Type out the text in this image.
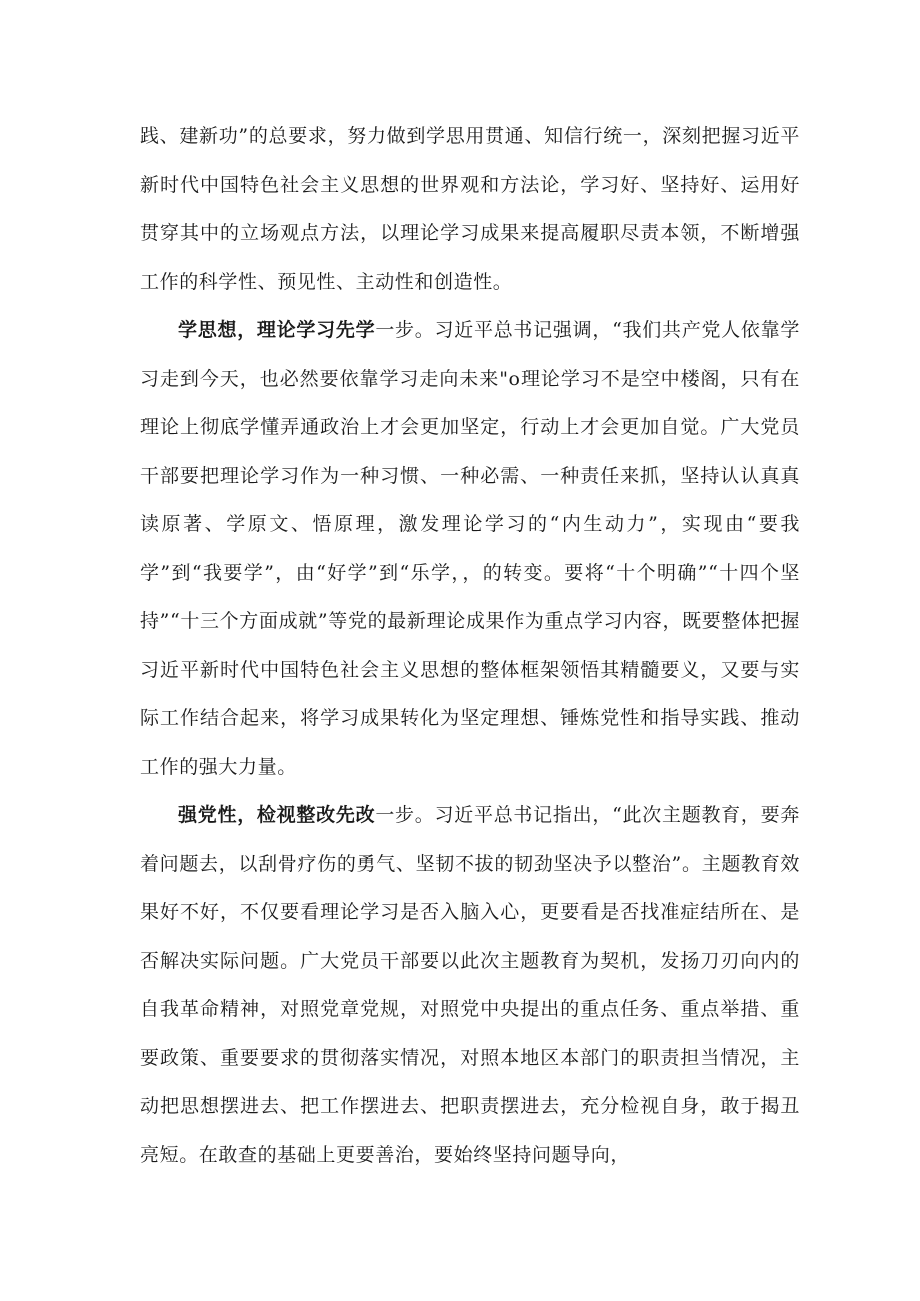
践、建新功”的总要求，努力做到学思用贯通、知信行统一，深刻把握习近平新时代中国特色社会主义思想的世界观和方法论，学习好、坚持好、运用好贯穿其中的立场观点方法，以理论学习成果来提高履职尽责本领，不断增强工作的科学性、预见性、主动性和创造性。

学思想，理论学习先学一步。习近平总书记强调，“我们共产党人依靠学习走到今天，也必然要依靠学习走向未来"o理论学习不是空中楼阁，只有在理论上彻底学懂弄通政治上才会更加坚定，行动上才会更加自觉。广大党员干部要把理论学习作为一种习惯、一种必需、一种责任来抓，坚持认认真真读原著、学原文、悟原理，激发理论学习的“内生动力”，实现由“要我学”到“我要学”，由“好学”到“乐学，，的转变。要将“十个明确”“十四个坚持”“十三个方面成就”等党的最新理论成果作为重点学习内容，既要整体把握习近平新时代中国特色社会主义思想的整体框架领悟其精髓要义，又要与实际工作结合起来，将学习成果转化为坚定理想、锤炼党性和指导实践、推动工作的强大力量。

强党性，检视整改先改一步。习近平总书记指出，“此次主题教育，要奔着问题去，以刮骨疗伤的勇气、坚韧不拔的韧劲坚决予以整治”。主题教育效果好不好，不仅要看理论学习是否入脑入心，更要看是否找准症结所在、是否解决实际问题。广大党员干部要以此次主题教育为契机，发扬刀刃向内的自我革命精神，对照党章党规，对照党中央提出的重点任务、重点举措、重要政策、重要要求的贯彻落实情况，对照本地区本部门的职责担当情况，主动把思想摆进去、把工作摆进去、把职责摆进去，充分检视自身，敢于揭丑亮短。在敢查的基础上更要善治，要始终坚持问题导向，
